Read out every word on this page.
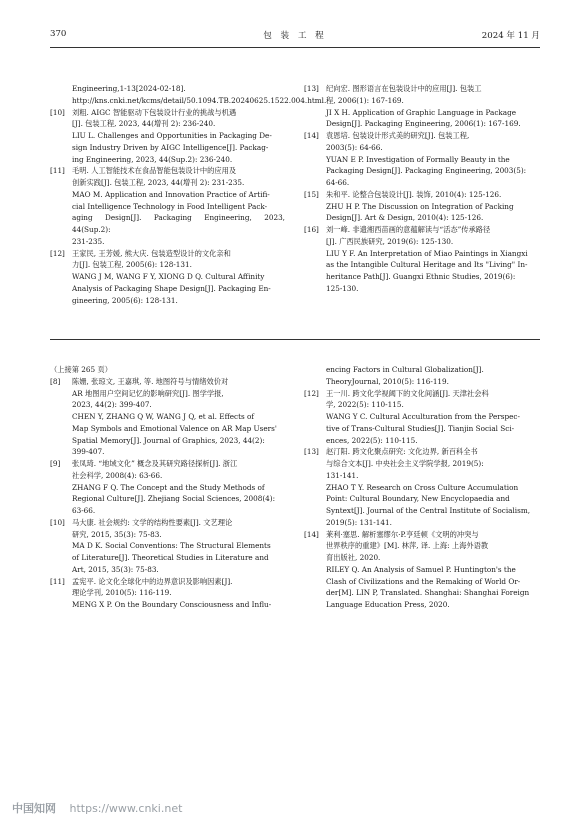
370	包 装 工 程	2024 年 11 月
Engineering,1-13[2024-02-18]. http://kns.cnki.net/kcms/detail/50.1094.TB.20240625.1522.004.html.
[10] 刘粗. AIGC 智能驱动下包装设计行业的挑战与机遇
[J]. 包装工程, 2023, 44(增刊 2): 236-240.
LIU L. Challenges and Opportunities in Packaging De-
sign Industry Driven by AIGC Intelligence[J]. Packag-
ing Engineering, 2023, 44(Sup.2): 236-240.
[11] 毛明. 人工智能技术在食品智能包装设计中的应用及
创新实践[J]. 包装工程, 2023, 44(增刊 2): 231-235.
MAO M. Application and Innovation Practice of Artifi-
cial Intelligence Technology in Food Intelligent Pack-
aging Design[J]. Packaging Engineering, 2023, 44(Sup.2):
231-235.
[12] 王家民, 王芳媛, 熊大庆. 包装造型设计的文化亲和
力[J]. 包装工程, 2005(6): 128-131.
WANG J M, WANG F Y, XIONG D Q. Cultural Affinity
Analysis of Packaging Shape Design[J]. Packaging En-
gineering, 2005(6): 128-131.
[13] 纪向宏. 图形语言在包装设计中的应用[J]. 包装工
程, 2006(1): 167-169.
JI X H. Application of Graphic Language in Package
Design[J]. Packaging Engineering, 2006(1): 167-169.
[14] 袁恩培. 包装设计形式美的研究[J]. 包装工程,
2003(5): 64-66.
YUAN E P. Investigation of Formally Beauty in the
Packaging Design[J]. Packaging Engineering, 2003(5):
64-66.
[15] 朱和平. 论整合包装设计[J]. 装饰, 2010(4): 125-126.
ZHU H P. The Discussion on Integration of Packing
Design[J]. Art & Design, 2010(4): 125-126.
[16] 刘一峰. 非遗湘西苗画的意蕴解读与“活态”传承路径
[J]. 广西民族研究, 2019(6): 125-130.
LIU Y F. An Interpretation of Miao Paintings in Xiangxi
as the Intangible Cultural Heritage and Its "Living" In-
heritance Path[J]. Guangxi Ethnic Studies, 2019(6):
125-130.
（上接第 265 页）
[8] 陈姗, 张琼文, 王嘉琪, 等. 地图符号与情绪效价对
AR 地图用户空间记忆的影响研究[J]. 图学学报,
2023, 44(2): 399-407.
CHEN Y, ZHANG Q W, WANG J Q, et al. Effects of
Map Symbols and Emotional Valence on AR Map Users'
Spatial Memory[J]. Journal of Graphics, 2023, 44(2):
399-407.
[9] 张凤琦. “地域文化” 概念及其研究路径探析[J]. 浙江
社会科学, 2008(4): 63-66.
ZHANG F Q. The Concept and the Study Methods of
Regional Culture[J]. Zhejiang Social Sciences, 2008(4):
63-66.
[10] 马大康. 社会规约: 文学的结构性要素[J]. 文艺理论
研究, 2015, 35(3): 75-83.
MA D K. Social Conventions: The Structural Elements
of Literature[J]. Theoretical Studies in Literature and
Art, 2015, 35(3): 75-83.
[11] 孟宪平. 论文化全球化中的边界意识及影响因素[J].
理论学刊, 2010(5): 116-119.
MENG X P. On the Boundary Consciousness and Influ-
encing Factors in Cultural Globalization[J]. TheoryJournal, 2010(5): 116-119.
[12] 王一川. 跨文化学视阈下的文化间涵[J]. 天津社会科
学, 2022(5): 110-115.
WANG Y C. Cultural Acculturation from the Perspec-
tive of Trans-Cultural Studies[J]. Tianjin Social Sci-
ences, 2022(5): 110-115.
[13] 赵汀阳. 跨文化聚点研究: 文化边界, 新百科全书
与综合文本[J]. 中央社会主义学院学报, 2019(5):
131-141.
ZHAO T Y. Research on Cross Culture Accumulation
Point: Cultural Boundary, New Encyclopaedia and
Syntext[J]. Journal of the Central Institute of Socialism,
2019(5): 131-141.
[14] 莱利·塞思. 解析塞缪尔·P.亨廷顿《文明的冲突与
世界秩序的重建》[M]. 林萍, 译. 上海: 上海外语教
育出版社, 2020.
RILEY Q. An Analysis of Samuel P. Huntington's the
Clash of Civilizations and the Remaking of World Or-
der[M]. LIN P, Translated. Shanghai: Shanghai Foreign
Language Education Press, 2020.
中国知网 https://www.cnki.net
